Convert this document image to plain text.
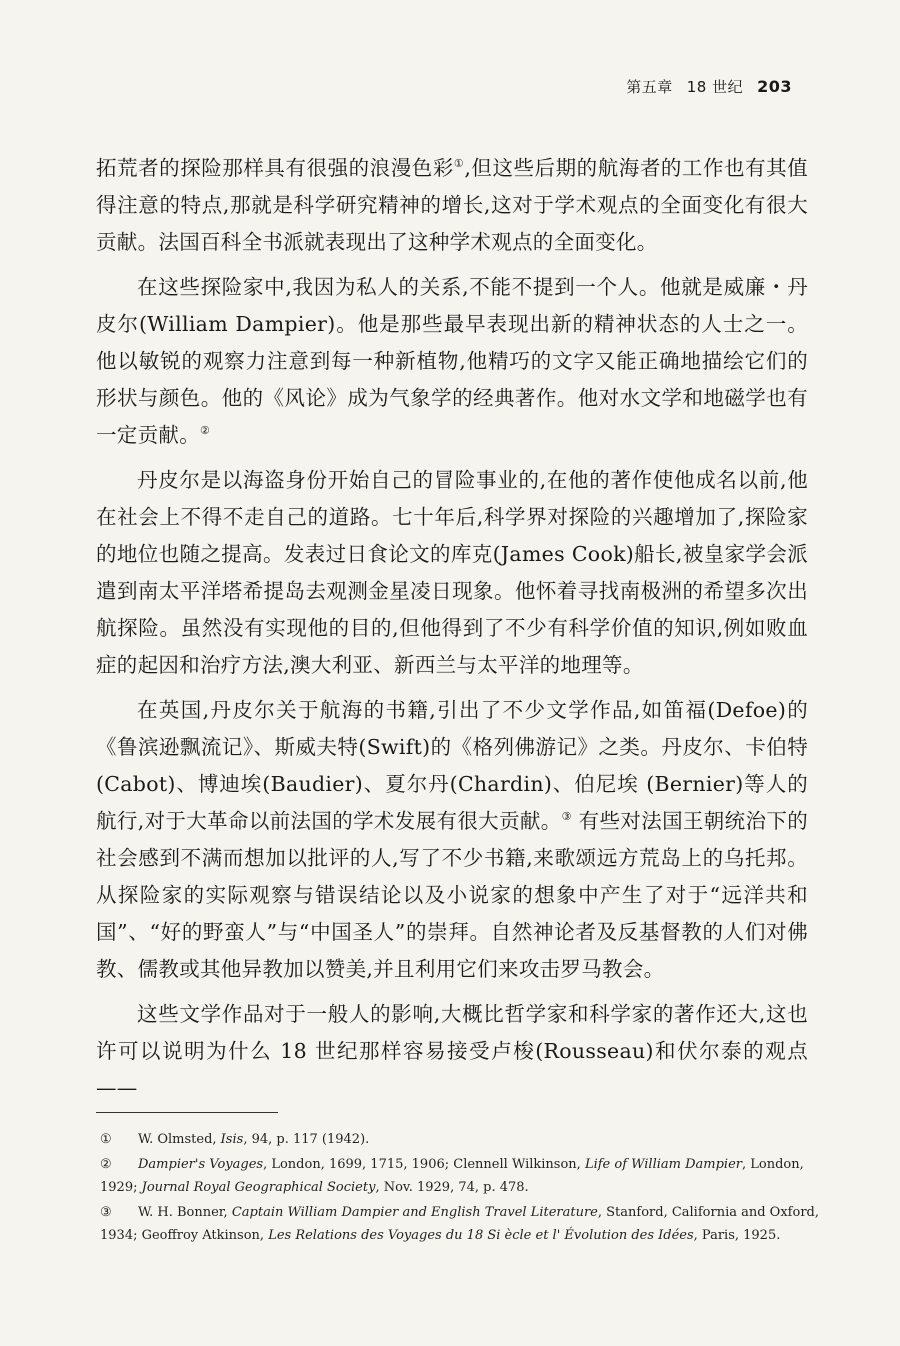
第五章 18 世纪 203

拓荒者的探险那样具有很强的浪漫色彩①,但这些后期的航海者的工作也有其值得注意的特点,那就是科学研究精神的增长,这对于学术观点的全面变化有很大贡献。法国百科全书派就表现出了这种学术观点的全面变化。

在这些探险家中,我因为私人的关系,不能不提到一个人。他就是威廉・丹皮尔(William Dampier)。他是那些最早表现出新的精神状态的人士之一。他以敏锐的观察力注意到每一种新植物,他精巧的文字又能正确地描绘它们的形状与颜色。他的《风论》成为气象学的经典著作。他对水文学和地磁学也有一定贡献。②

丹皮尔是以海盗身份开始自己的冒险事业的,在他的著作使他成名以前,他在社会上不得不走自己的道路。七十年后,科学界对探险的兴趣增加了,探险家的地位也随之提高。发表过日食论文的库克(James Cook)船长,被皇家学会派遣到南太平洋塔希提岛去观测金星凌日现象。他怀着寻找南极洲的希望多次出航探险。虽然没有实现他的目的,但他得到了不少有科学价值的知识,例如败血症的起因和治疗方法,澳大利亚、新西兰与太平洋的地理等。

在英国,丹皮尔关于航海的书籍,引出了不少文学作品,如笛福(Defoe)的《鲁滨逊飘流记》、斯威夫特(Swift)的《格列佛游记》之类。丹皮尔、卡伯特(Cabot)、博迪埃(Baudier)、夏尔丹(Chardin)、伯尼埃 (Bernier)等人的航行,对于大革命以前法国的学术发展有很大贡献。③ 有些对法国王朝统治下的社会感到不满而想加以批评的人,写了不少书籍,来歌颂远方荒岛上的乌托邦。从探险家的实际观察与错误结论以及小说家的想象中产生了对于“远洋共和国”、“好的野蛮人”与“中国圣人”的崇拜。自然神论者及反基督教的人们对佛教、儒教或其他异教加以赞美,并且利用它们来攻击罗马教会。

这些文学作品对于一般人的影响,大概比哲学家和科学家的著作还大,这也许可以说明为什么 18 世纪那样容易接受卢梭(Rousseau)和伏尔泰的观点——

① W. Olmsted, Isis, 94, p. 117 (1942).

② Dampier's Voyages, London, 1699, 1715, 1906; Clennell Wilkinson, Life of William Dampier, London, 1929; Journal Royal Geographical Society, Nov. 1929, 74, p. 478.

③ W. H. Bonner, Captain William Dampier and English Travel Literature, Stanford, California and Oxford, 1934; Geoffroy Atkinson, Les Relations des Voyages du 18 Si ècle et l' Évolution des Idées, Paris, 1925.
